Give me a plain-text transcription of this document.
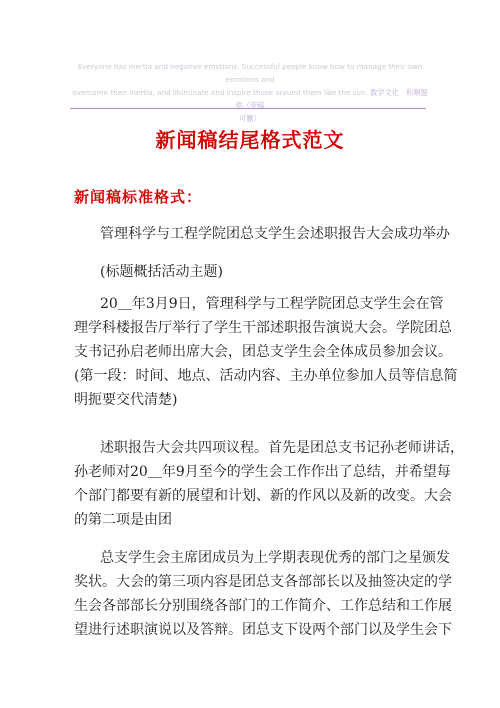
Everyone has inertia and negative emotions. Successful people know how to manage their own emotions and
overcome their inertia, and illuminate and inspire those around them like the sun. 数学文化　和顺提供（荧稿
可删）
新闻稿结尾格式范文
新闻稿标准格式：
管理科学与工程学院团总支学生会述职报告大会成功举办
(标题概括活动主题)
20＿年3月9日，管理科学与工程学院团总支学生会在管
理学科楼报告厅举行了学生干部述职报告演说大会。学院团总
支书记孙启老师出席大会，团总支学生会全体成员参加会议。
(第一段：时间、地点、活动内容、主办单位参加人员等信息简
明扼要交代清楚)
述职报告大会共四项议程。首先是团总支书记孙老师讲话，
孙老师对20＿年9月至今的学生会工作作出了总结，并希望每
个部门都要有新的展望和计划、新的作风以及新的改变。大会
的第二项是由团
总支学生会主席团成员为上学期表现优秀的部门之星颁发
奖状。大会的第三项内容是团总支各部部长以及抽签决定的学
生会各部部长分别围绕各部门的工作简介、工作总结和工作展
望进行述职演说以及答辩。团总支下设两个部门以及学生会下
